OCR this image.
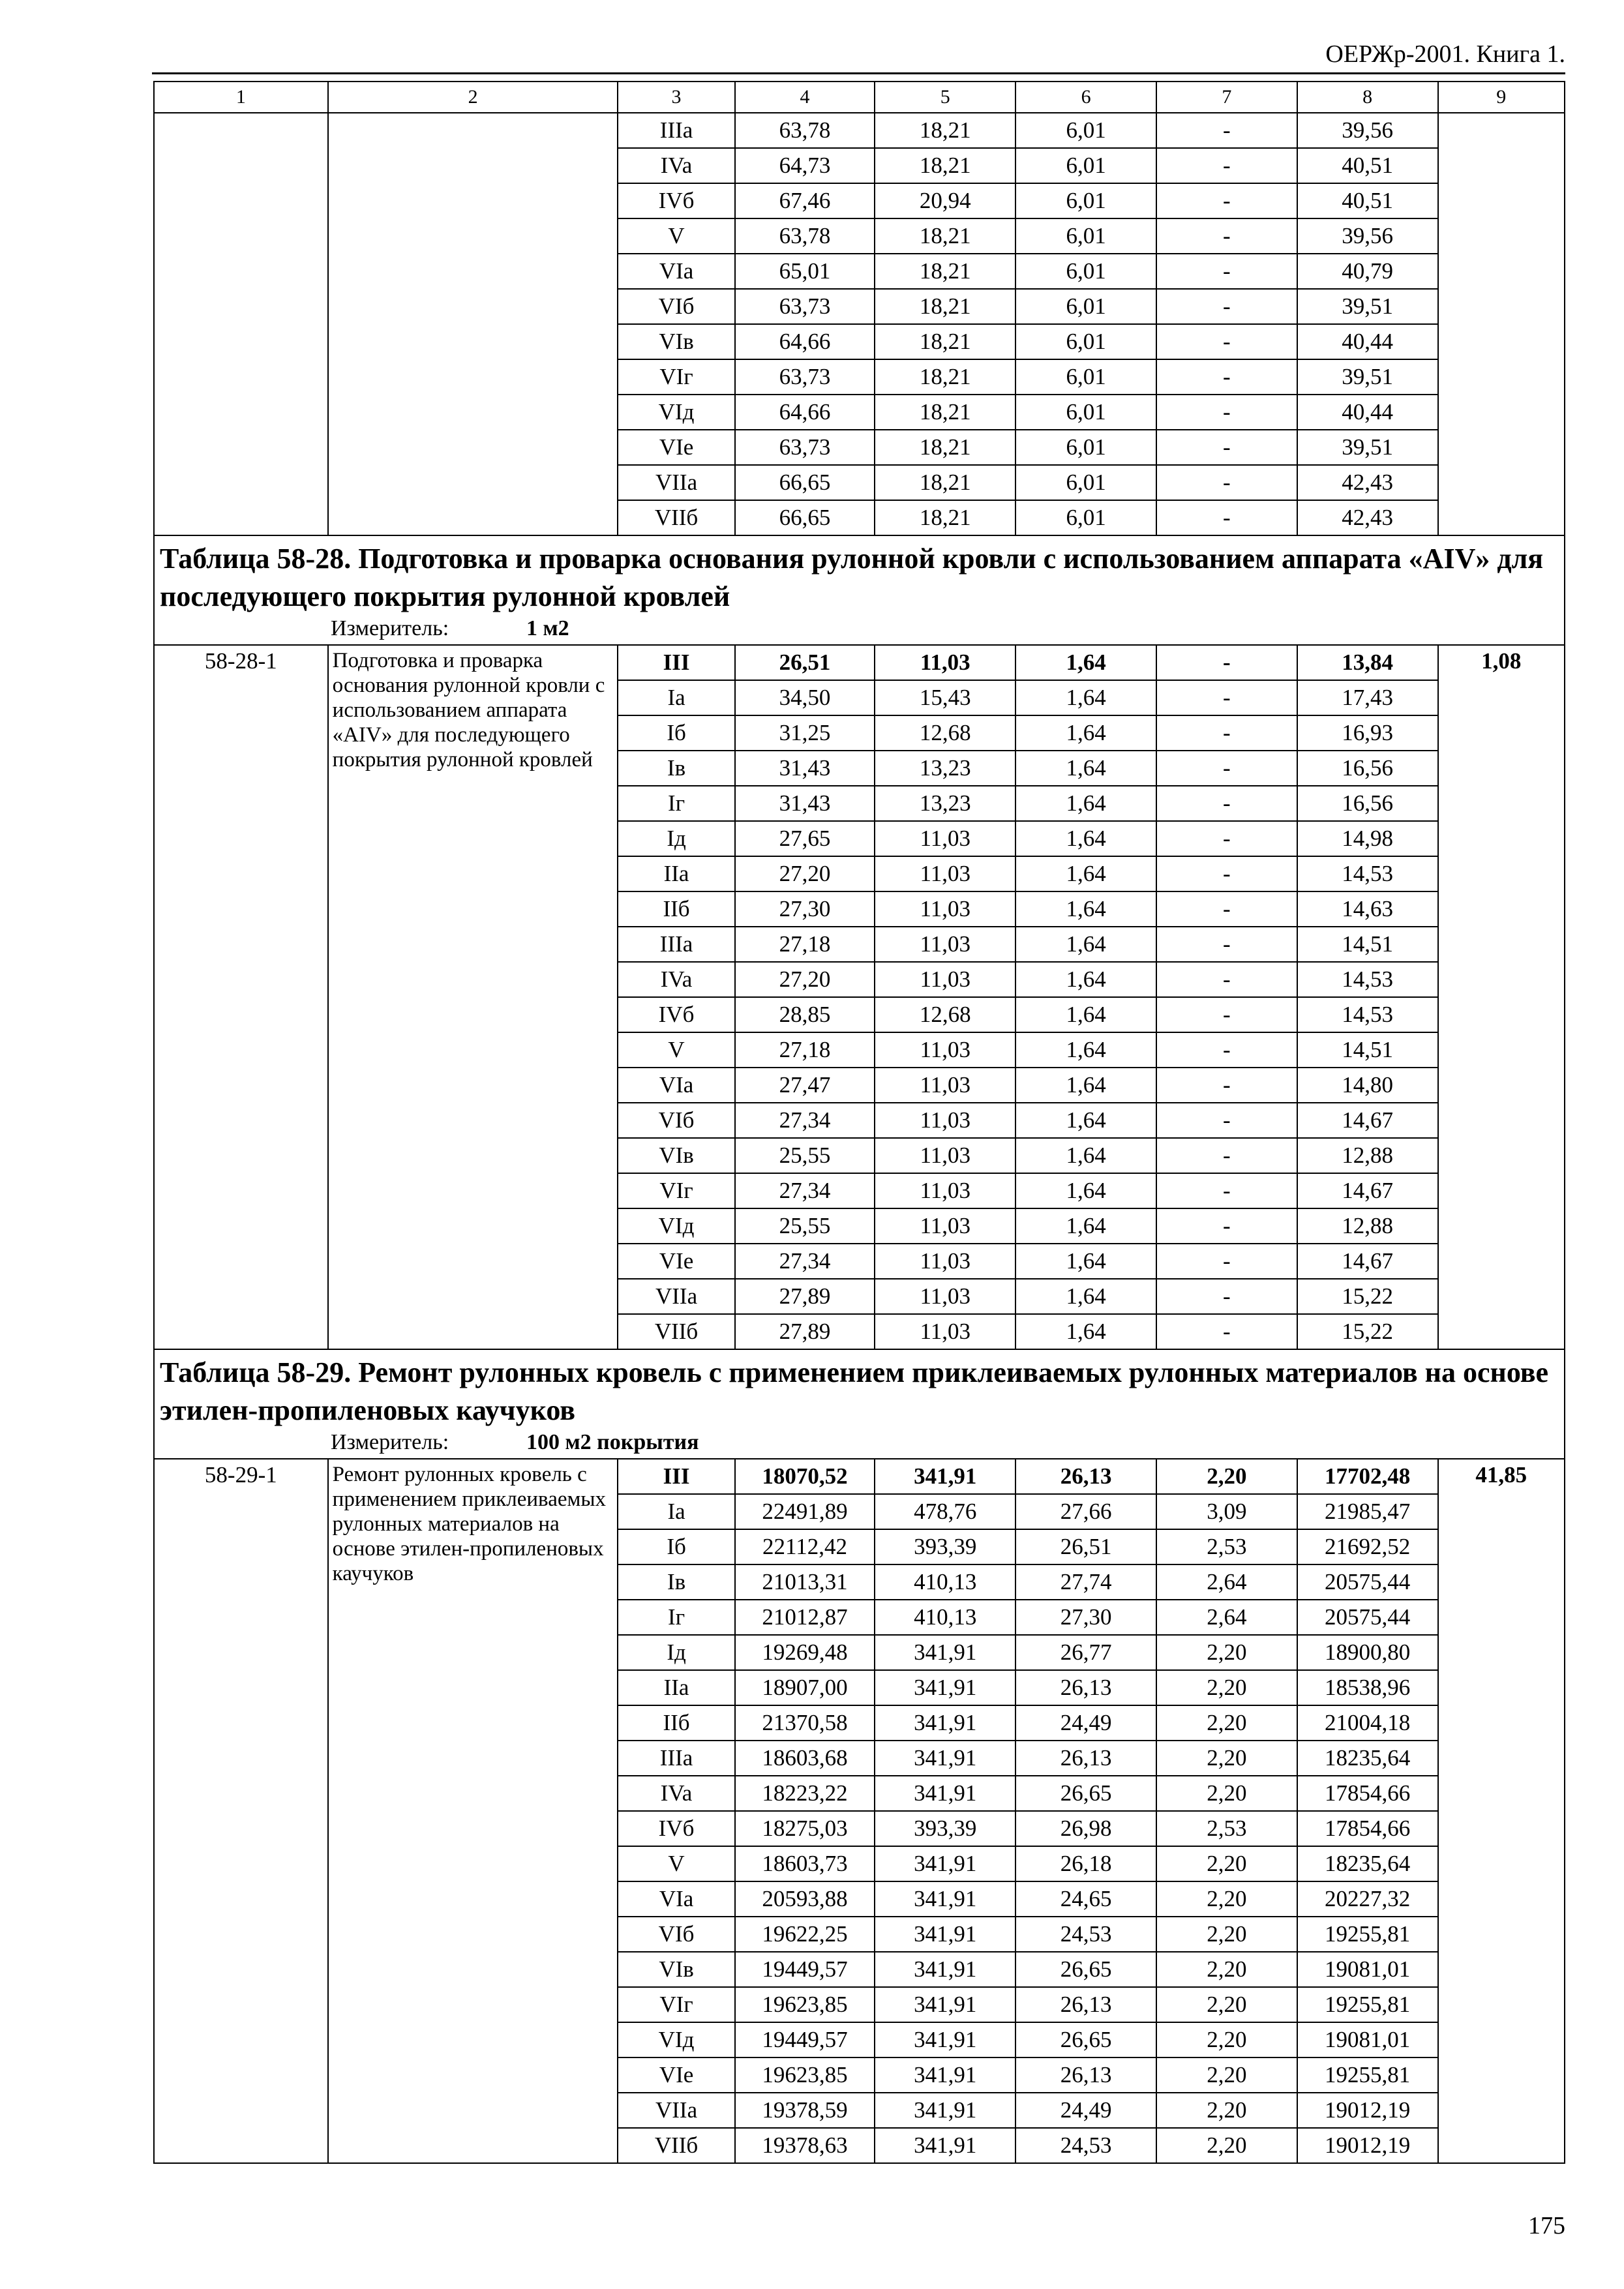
ОЕРЖр-2001. Книга 1.
1	2	3	4	5	6	7	8	9
		IIIa	63,78	18,21	6,01	-	39,56	
		IVa	64,73	18,21	6,01	-	40,51	
		IVб	67,46	20,94	6,01	-	40,51	
		V	63,78	18,21	6,01	-	39,56	
		VIa	65,01	18,21	6,01	-	40,79	
		VIб	63,73	18,21	6,01	-	39,51	
		VIв	64,66	18,21	6,01	-	40,44	
		VIг	63,73	18,21	6,01	-	39,51	
		VIд	64,66	18,21	6,01	-	40,44	
		VIe	63,73	18,21	6,01	-	39,51	
		VIIa	66,65	18,21	6,01	-	42,43	
		VIIб	66,65	18,21	6,01	-	42,43	

Таблица 58-28. Подготовка и проварка основания рулонной кровли с использованием аппарата «AIV» для последующего покрытия рулонной кровлей
Измеритель: 1 м2								

58-28-1	Подготовка и проварка основания рулонной кровли с использованием аппарата «AIV» для последующего покрытия рулонной кровлей	III	26,51	11,03	1,64	-	13,84	1,08
		Ia	34,50	15,43	1,64	-	17,43	
		Iб	31,25	12,68	1,64	-	16,93	
		Iв	31,43	13,23	1,64	-	16,56	
		Iг	31,43	13,23	1,64	-	16,56	
		Iд	27,65	11,03	1,64	-	14,98	
		IIa	27,20	11,03	1,64	-	14,53	
		IIб	27,30	11,03	1,64	-	14,63	
		IIIa	27,18	11,03	1,64	-	14,51	
		IVa	27,20	11,03	1,64	-	14,53	
		IVб	28,85	12,68	1,64	-	14,53	
		V	27,18	11,03	1,64	-	14,51	
		VIa	27,47	11,03	1,64	-	14,80	
		VIб	27,34	11,03	1,64	-	14,67	
		VIв	25,55	11,03	1,64	-	12,88	
		VIг	27,34	11,03	1,64	-	14,67	
		VIд	25,55	11,03	1,64	-	12,88	
		VIe	27,34	11,03	1,64	-	14,67	
		VIIa	27,89	11,03	1,64	-	15,22	
		VIIб	27,89	11,03	1,64	-	15,22	

Таблица 58-29. Ремонт рулонных кровель с применением приклеиваемых рулонных материалов на основе этилен-пропиленовых каучуков
Измеритель: 100 м2 покрытия								

58-29-1	Ремонт рулонных кровель с применением приклеиваемых рулонных материалов на основе этилен-пропиленовых каучуков	III	18070,52	341,91	26,13	2,20	17702,48	41,85
		Ia	22491,89	478,76	27,66	3,09	21985,47	
		Iб	22112,42	393,39	26,51	2,53	21692,52	
		Iв	21013,31	410,13	27,74	2,64	20575,44	
		Iг	21012,87	410,13	27,30	2,64	20575,44	
		Iд	19269,48	341,91	26,77	2,20	18900,80	
		IIa	18907,00	341,91	26,13	2,20	18538,96	
		IIб	21370,58	341,91	24,49	2,20	21004,18	
		IIIa	18603,68	341,91	26,13	2,20	18235,64	
		IVa	18223,22	341,91	26,65	2,20	17854,66	
		IVб	18275,03	393,39	26,98	2,53	17854,66	
		V	18603,73	341,91	26,18	2,20	18235,64	
		VIa	20593,88	341,91	24,65	2,20	20227,32	
		VIб	19622,25	341,91	24,53	2,20	19255,81	
		VIв	19449,57	341,91	26,65	2,20	19081,01	
		VIг	19623,85	341,91	26,13	2,20	19255,81	
		VIд	19449,57	341,91	26,65	2,20	19081,01	
		VIe	19623,85	341,91	26,13	2,20	19255,81	
		VIIa	19378,59	341,91	24,49	2,20	19012,19	
		VIIб	19378,63	341,91	24,53	2,20	19012,19	
175
